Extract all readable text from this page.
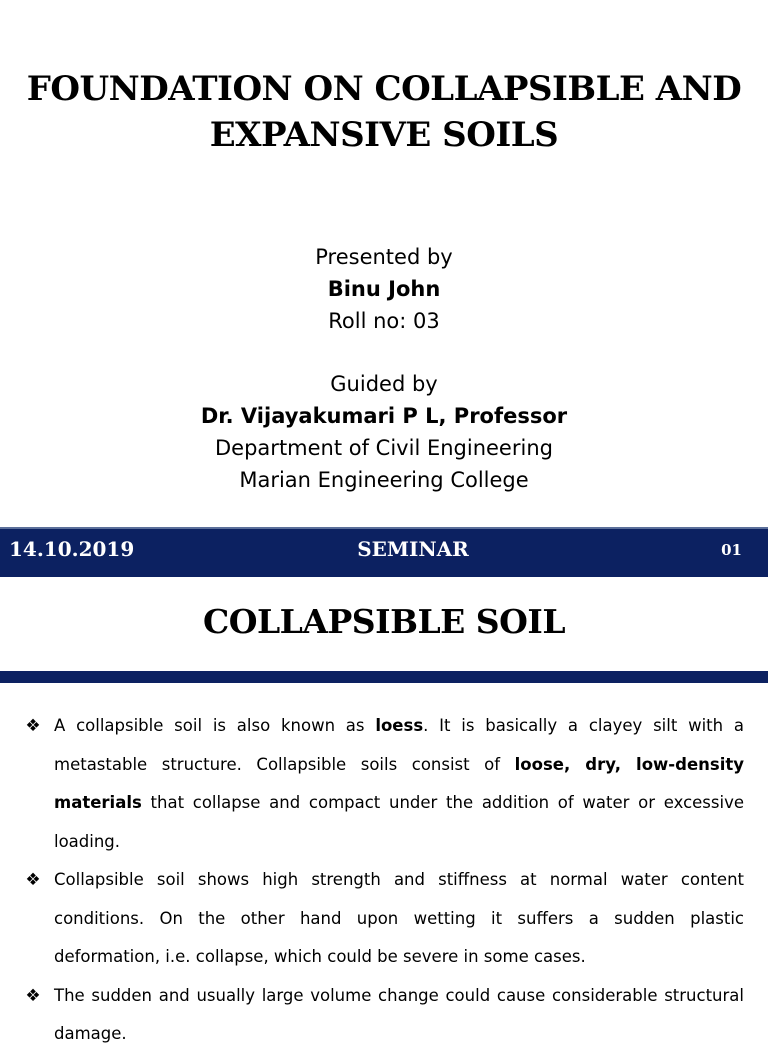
FOUNDATION ON COLLAPSIBLE AND
EXPANSIVE SOILS
Presented by
Binu John
Roll no: 03
Guided by
Dr. Vijayakumari P L, Professor
Department of Civil Engineering
Marian Engineering College
14.10.2019	SEMINAR	01
COLLAPSIBLE SOIL
❖ A collapsible soil is also known as loess. It is basically a clayey silt with a metastable structure. Collapsible soils consist of loose, dry, low-density materials that collapse and compact under the addition of water or excessive loading.
❖ Collapsible soil shows high strength and stiffness at normal water content conditions. On the other hand upon wetting it suffers a sudden plastic deformation, i.e. collapse, which could be severe in some cases.
❖ The sudden and usually large volume change could cause considerable structural damage.
